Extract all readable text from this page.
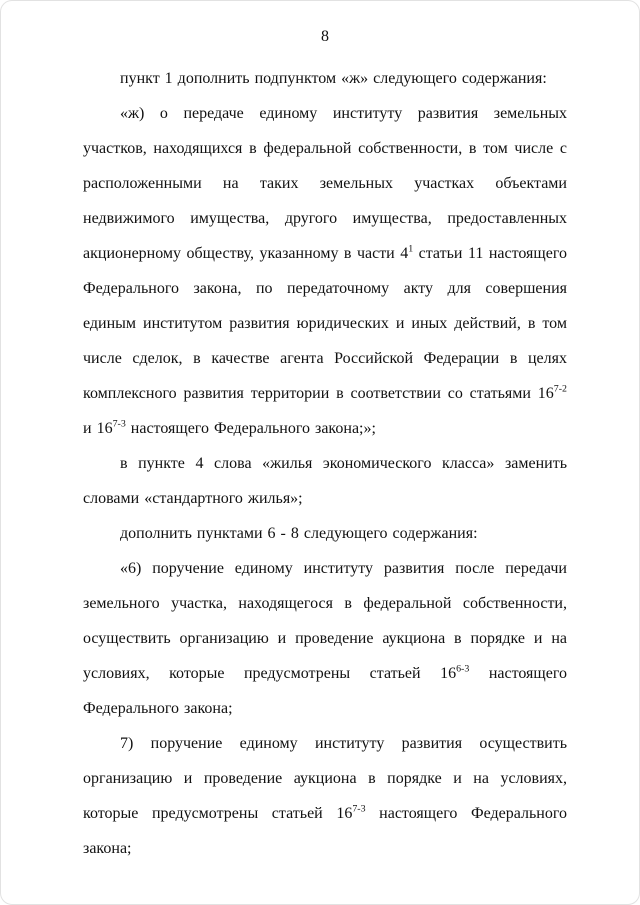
8

пункт 1 дополнить подпунктом «ж» следующего содержания:

«ж) о передаче единому институту развития земельных участков, находящихся в федеральной собственности, в том числе с расположенными на таких земельных участках объектами недвижимого имущества, другого имущества, предоставленных акционерному обществу, указанному в части $4^1$ статьи 11 настоящего Федерального закона, по передаточному акту для совершения единым институтом развития юридических и иных действий, в том числе сделок, в качестве агента Российской Федерации в целях комплексного развития территории в соответствии со статьями 16$^{7-2}$ и 16$^{7-3}$ настоящего Федерального закона;»;

в пункте 4 слова «жилья экономического класса» заменить словами «стандартного жилья»;

дополнить пунктами 6 - 8 следующего содержания:

«6) поручение единому институту развития после передачи земельного участка, находящегося в федеральной собственности, осуществить организацию и проведение аукциона в порядке и на условиях, которые предусмотрены статьей 16$^{6-3}$ настоящего Федерального закона;

7) поручение единому институту развития осуществить организацию и проведение аукциона в порядке и на условиях, которые предусмотрены статьей 16$^{7-3}$ настоящего Федерального закона;
